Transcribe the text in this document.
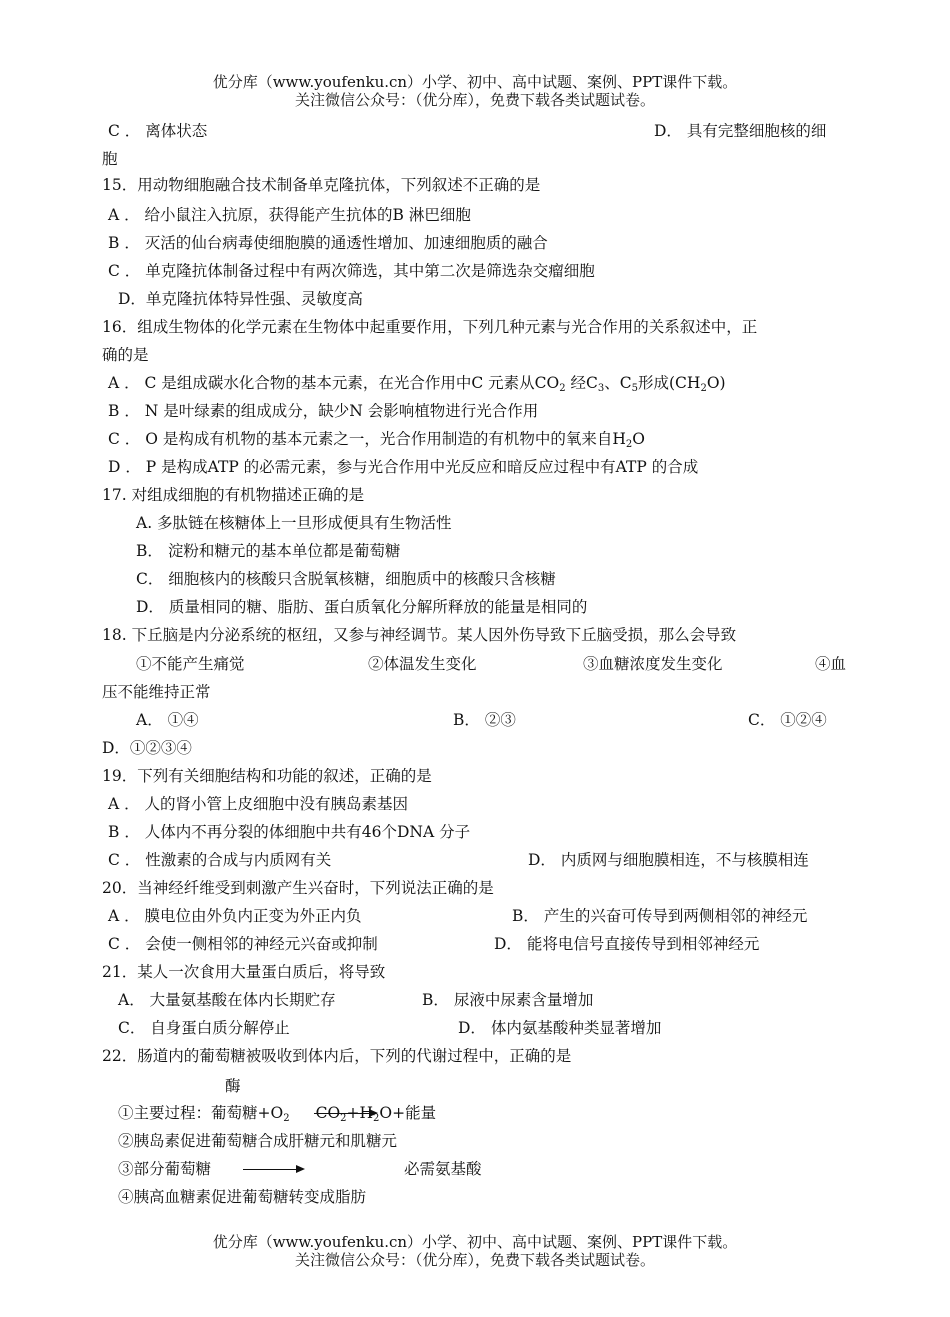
优分库（www.youfenku.cn）小学、初中、高中试题、案例、PPT课件下载。
关注微信公众号：（优分库），免费下载各类试题试卷。
C ． 离体状态	D． 具有完整细胞核的细
胞
15．用动物细胞融合技术制备单克隆抗体，下列叙述不正确的是
A ． 给小鼠注入抗原，获得能产生抗体的B 淋巴细胞
B ． 灭活的仙台病毒使细胞膜的通透性增加、加速细胞质的融合
C ． 单克隆抗体制备过程中有两次筛选，其中第二次是筛选杂交瘤细胞
D．单克隆抗体特异性强、灵敏度高
16．组成生物体的化学元素在生物体中起重要作用，下列几种元素与光合作用的关系叙述中，正
确的是
A ． C 是组成碳水化合物的基本元素，在光合作用中C 元素从$CO_2$ 经$C_3$、$C_5$形成$(CH_2O)$
B ． N 是叶绿素的组成成分，缺少N 会影响植物进行光合作用
C ． O 是构成有机物的基本元素之一，光合作用制造的有机物中的氧来自$H_2O$
D ． P 是构成ATP 的必需元素，参与光合作用中光反应和暗反应过程中有ATP 的合成
17. 对组成细胞的有机物描述正确的是
A. 多肽链在核糖体上一旦形成便具有生物活性
B． 淀粉和糖元的基本单位都是葡萄糖
C． 细胞核内的核酸只含脱氧核糖，细胞质中的核酸只含核糖
D． 质量相同的糖、脂肪、蛋白质氧化分解所释放的能量是相同的
18. 下丘脑是内分泌系统的枢纽，又参与神经调节。某人因外伤导致下丘脑受损，那么会导致
①不能产生痛觉	②体温发生变化	③血糖浓度发生变化	④血
压不能维持正常
A． ①④	B． ②③	C． ①②④
D．①②③④
19．下列有关细胞结构和功能的叙述，正确的是
A ． 人的肾小管上皮细胞中没有胰岛素基因
B ． 人体内不再分裂的体细胞中共有46个DNA 分子
C ． 性激素的合成与内质网有关	D． 内质网与细胞膜相连，不与核膜相连
20．当神经纤维受到刺激产生兴奋时，下列说法正确的是
A ． 膜电位由外负内正变为外正内负	B． 产生的兴奋可传导到两侧相邻的神经元
C ． 会使一侧相邻的神经元兴奋或抑制	D． 能将电信号直接传导到相邻神经元
21．某人一次食用大量蛋白质后，将导致
A． 大量氨基酸在体内长期贮存	B． 尿液中尿素含量增加
C． 自身蛋白质分解停止	D． 体内氨基酸种类显著增加
22．肠道内的葡萄糖被吸收到体内后，下列的代谢过程中，正确的是
酶
①主要过程：葡萄糖$+O_2$ $CO_2+H_2O+$能量
②胰岛素促进葡萄糖合成肝糖元和肌糖元
③部分葡萄糖	必需氨基酸
④胰高血糖素促进葡萄糖转变成脂肪
优分库（www.youfenku.cn）小学、初中、高中试题、案例、PPT课件下载。
关注微信公众号：（优分库），免费下载各类试题试卷。
